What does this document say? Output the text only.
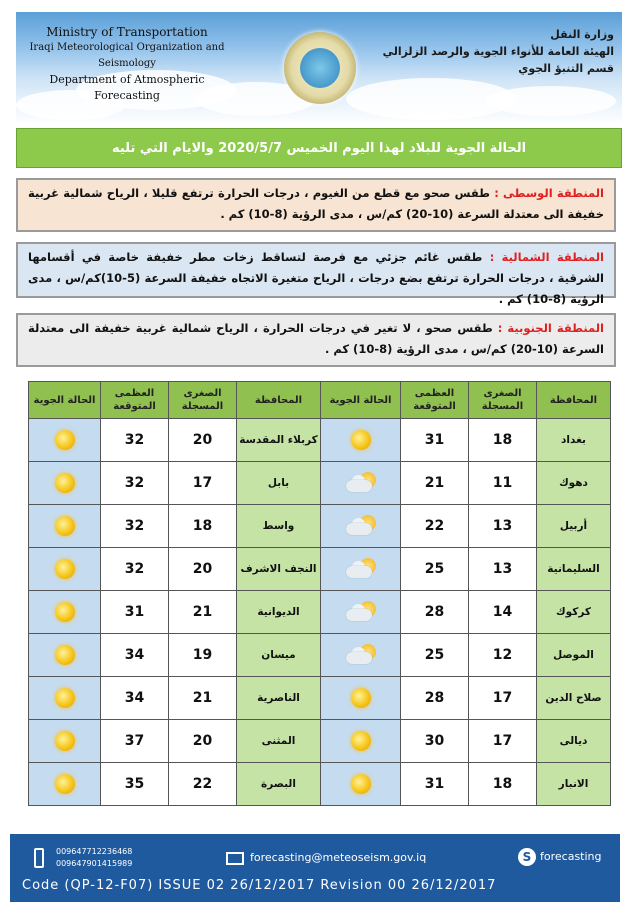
Ministry of Transportation
Iraqi Meteorological Organization and Seismology
Department of Atmospheric Forecasting
وزارة النقل
الهيئة العامة للأنواء الجوية والرصد الزلزالي
قسم التنبؤ الجوي
الحالة الجوية للبلاد لهذا اليوم الخميس 2020/5/7 والايام التي تليه
المنطقة الوسطى : طقس صحو مع قطع من الغيوم ، درجات الحرارة ترتفع قليلا ، الرياح شمالية غربية خفيفة الى معتدلة السرعة (10-20) كم/س ، مدى الرؤية (8-10) كم .
المنطقة الشمالية : طقس غائم جزئي مع فرصة لتساقط زخات مطر خفيفة خاصة في أقسامها الشرقية ، درجات الحرارة ترتفع بضع درجات ، الرياح متغيرة الاتجاه خفيفة السرعة (5-10)كم/س ، مدى الرؤية (8-10) كم .
المنطقة الجنوبية : طقس صحو ، لا تغير في درجات الحرارة ، الرياح شمالية غربية خفيفة الى معتدلة السرعة (10-20) كم/س ، مدى الرؤية (8-10) كم .
المحافظة	الصغرى المسجلة	العظمى المتوقعة	الحالة الجوية	المحافظة	الصغرى المسجلة	العظمى المتوقعة	الحالة الجوية
بغداد	18	31		كربلاء المقدسة	20	32	
دهوك	11	21		بابل	17	32	
أربيل	13	22		واسط	18	32	
السليمانية	13	25		النجف الاشرف	20	32	
كركوك	14	28		الديوانية	21	31	
الموصل	12	25		ميسان	19	34	
صلاح الدين	17	28		الناصرية	21	34	
ديالى	17	30		المثنى	20	37	
الانبار	18	31		البصرة	22	35	
009647712236468
009647901415989	forecasting@meteoseism.gov.iq	S forecasting
Code (QP-12-F07) ISSUE 02 26/12/2017 Revision 00 26/12/2017
